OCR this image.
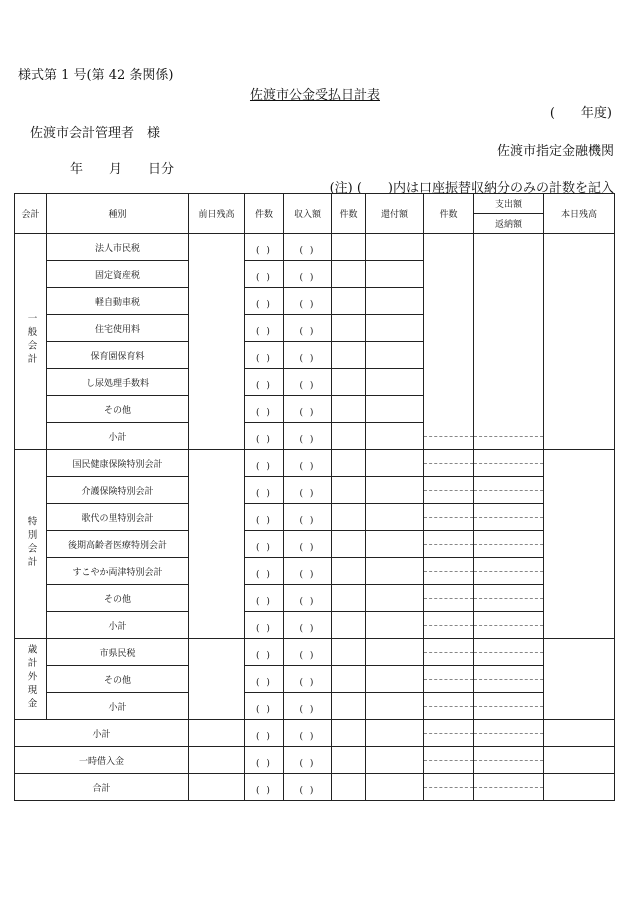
様式第 1 号(第 42 条関係)
佐渡市公金受払日計表
(　　年度)
佐渡市会計管理者　様
佐渡市指定金融機関
年　　月　　日分
(注) (　　)内は口座振替収納分のみの計数を記入
会計	種別	前日残高	件数	収入額	件数	還付額	件数	支出額	本日残高
								返納額	
一般会計	法人市民税		( )	( )					

	固定資産税		( )	( )					

	軽自動車税		( )	( )					

	住宅使用料		( )	( )					

	保育園保育料		( )	( )					

	し尿処理手数料		( )	( )					

	その他		( )	( )					

	小計		( )	( )					

特別会計	国民健康保険特別会計		( )	( )					

	介護保険特別会計		( )	( )					

	歌代の里特別会計		( )	( )					

	後期高齢者医療特別会計		( )	( )					

	すこやか両津特別会計		( )	( )					

	その他		( )	( )					

	小計		( )	( )					

歳計外現金	市県民税		( )	( )					

	その他		( )	( )					

	小計		( )	( )					

小計			( )	( )					

一時借入金			( )	( )					

合計			( )	( )					
